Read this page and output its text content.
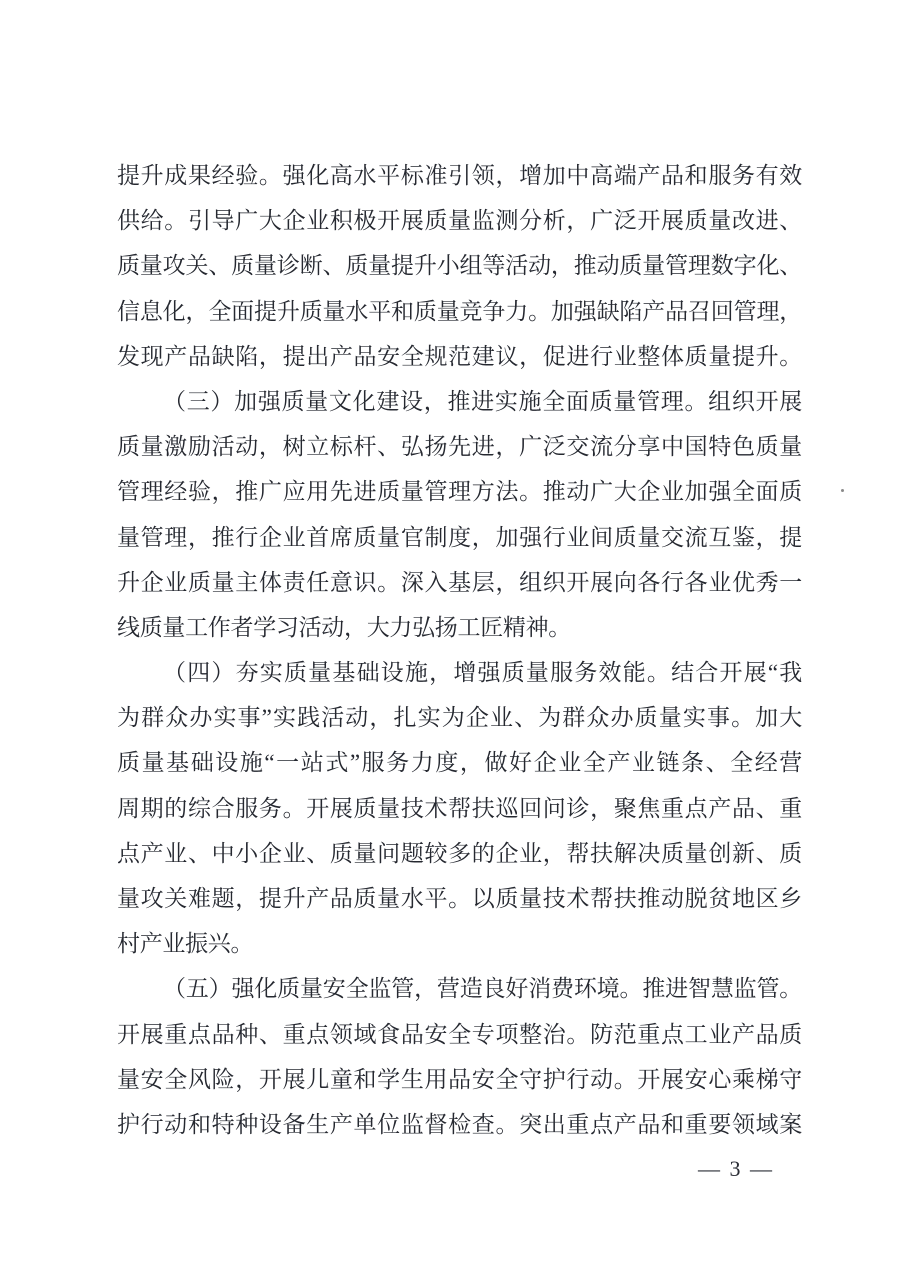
提升成果经验。强化高水平标准引领，增加中高端产品和服务有效
供给。引导广大企业积极开展质量监测分析，广泛开展质量改进、
质量攻关、质量诊断、质量提升小组等活动，推动质量管理数字化、
信息化，全面提升质量水平和质量竞争力。加强缺陷产品召回管理，
发现产品缺陷，提出产品安全规范建议，促进行业整体质量提升。
（三）加强质量文化建设，推进实施全面质量管理。组织开展
质量激励活动，树立标杆、弘扬先进，广泛交流分享中国特色质量
管理经验，推广应用先进质量管理方法。推动广大企业加强全面质
量管理，推行企业首席质量官制度，加强行业间质量交流互鉴，提
升企业质量主体责任意识。深入基层，组织开展向各行各业优秀一
线质量工作者学习活动，大力弘扬工匠精神。
（四）夯实质量基础设施，增强质量服务效能。结合开展“我
为群众办实事”实践活动，扎实为企业、为群众办质量实事。加大
质量基础设施“一站式”服务力度，做好企业全产业链条、全经营
周期的综合服务。开展质量技术帮扶巡回问诊，聚焦重点产品、重
点产业、中小企业、质量问题较多的企业，帮扶解决质量创新、质
量攻关难题，提升产品质量水平。以质量技术帮扶推动脱贫地区乡
村产业振兴。
（五）强化质量安全监管，营造良好消费环境。推进智慧监管。
开展重点品种、重点领域食品安全专项整治。防范重点工业产品质
量安全风险，开展儿童和学生用品安全守护行动。开展安心乘梯守
护行动和特种设备生产单位监督检查。突出重点产品和重要领域案
— 3 —
